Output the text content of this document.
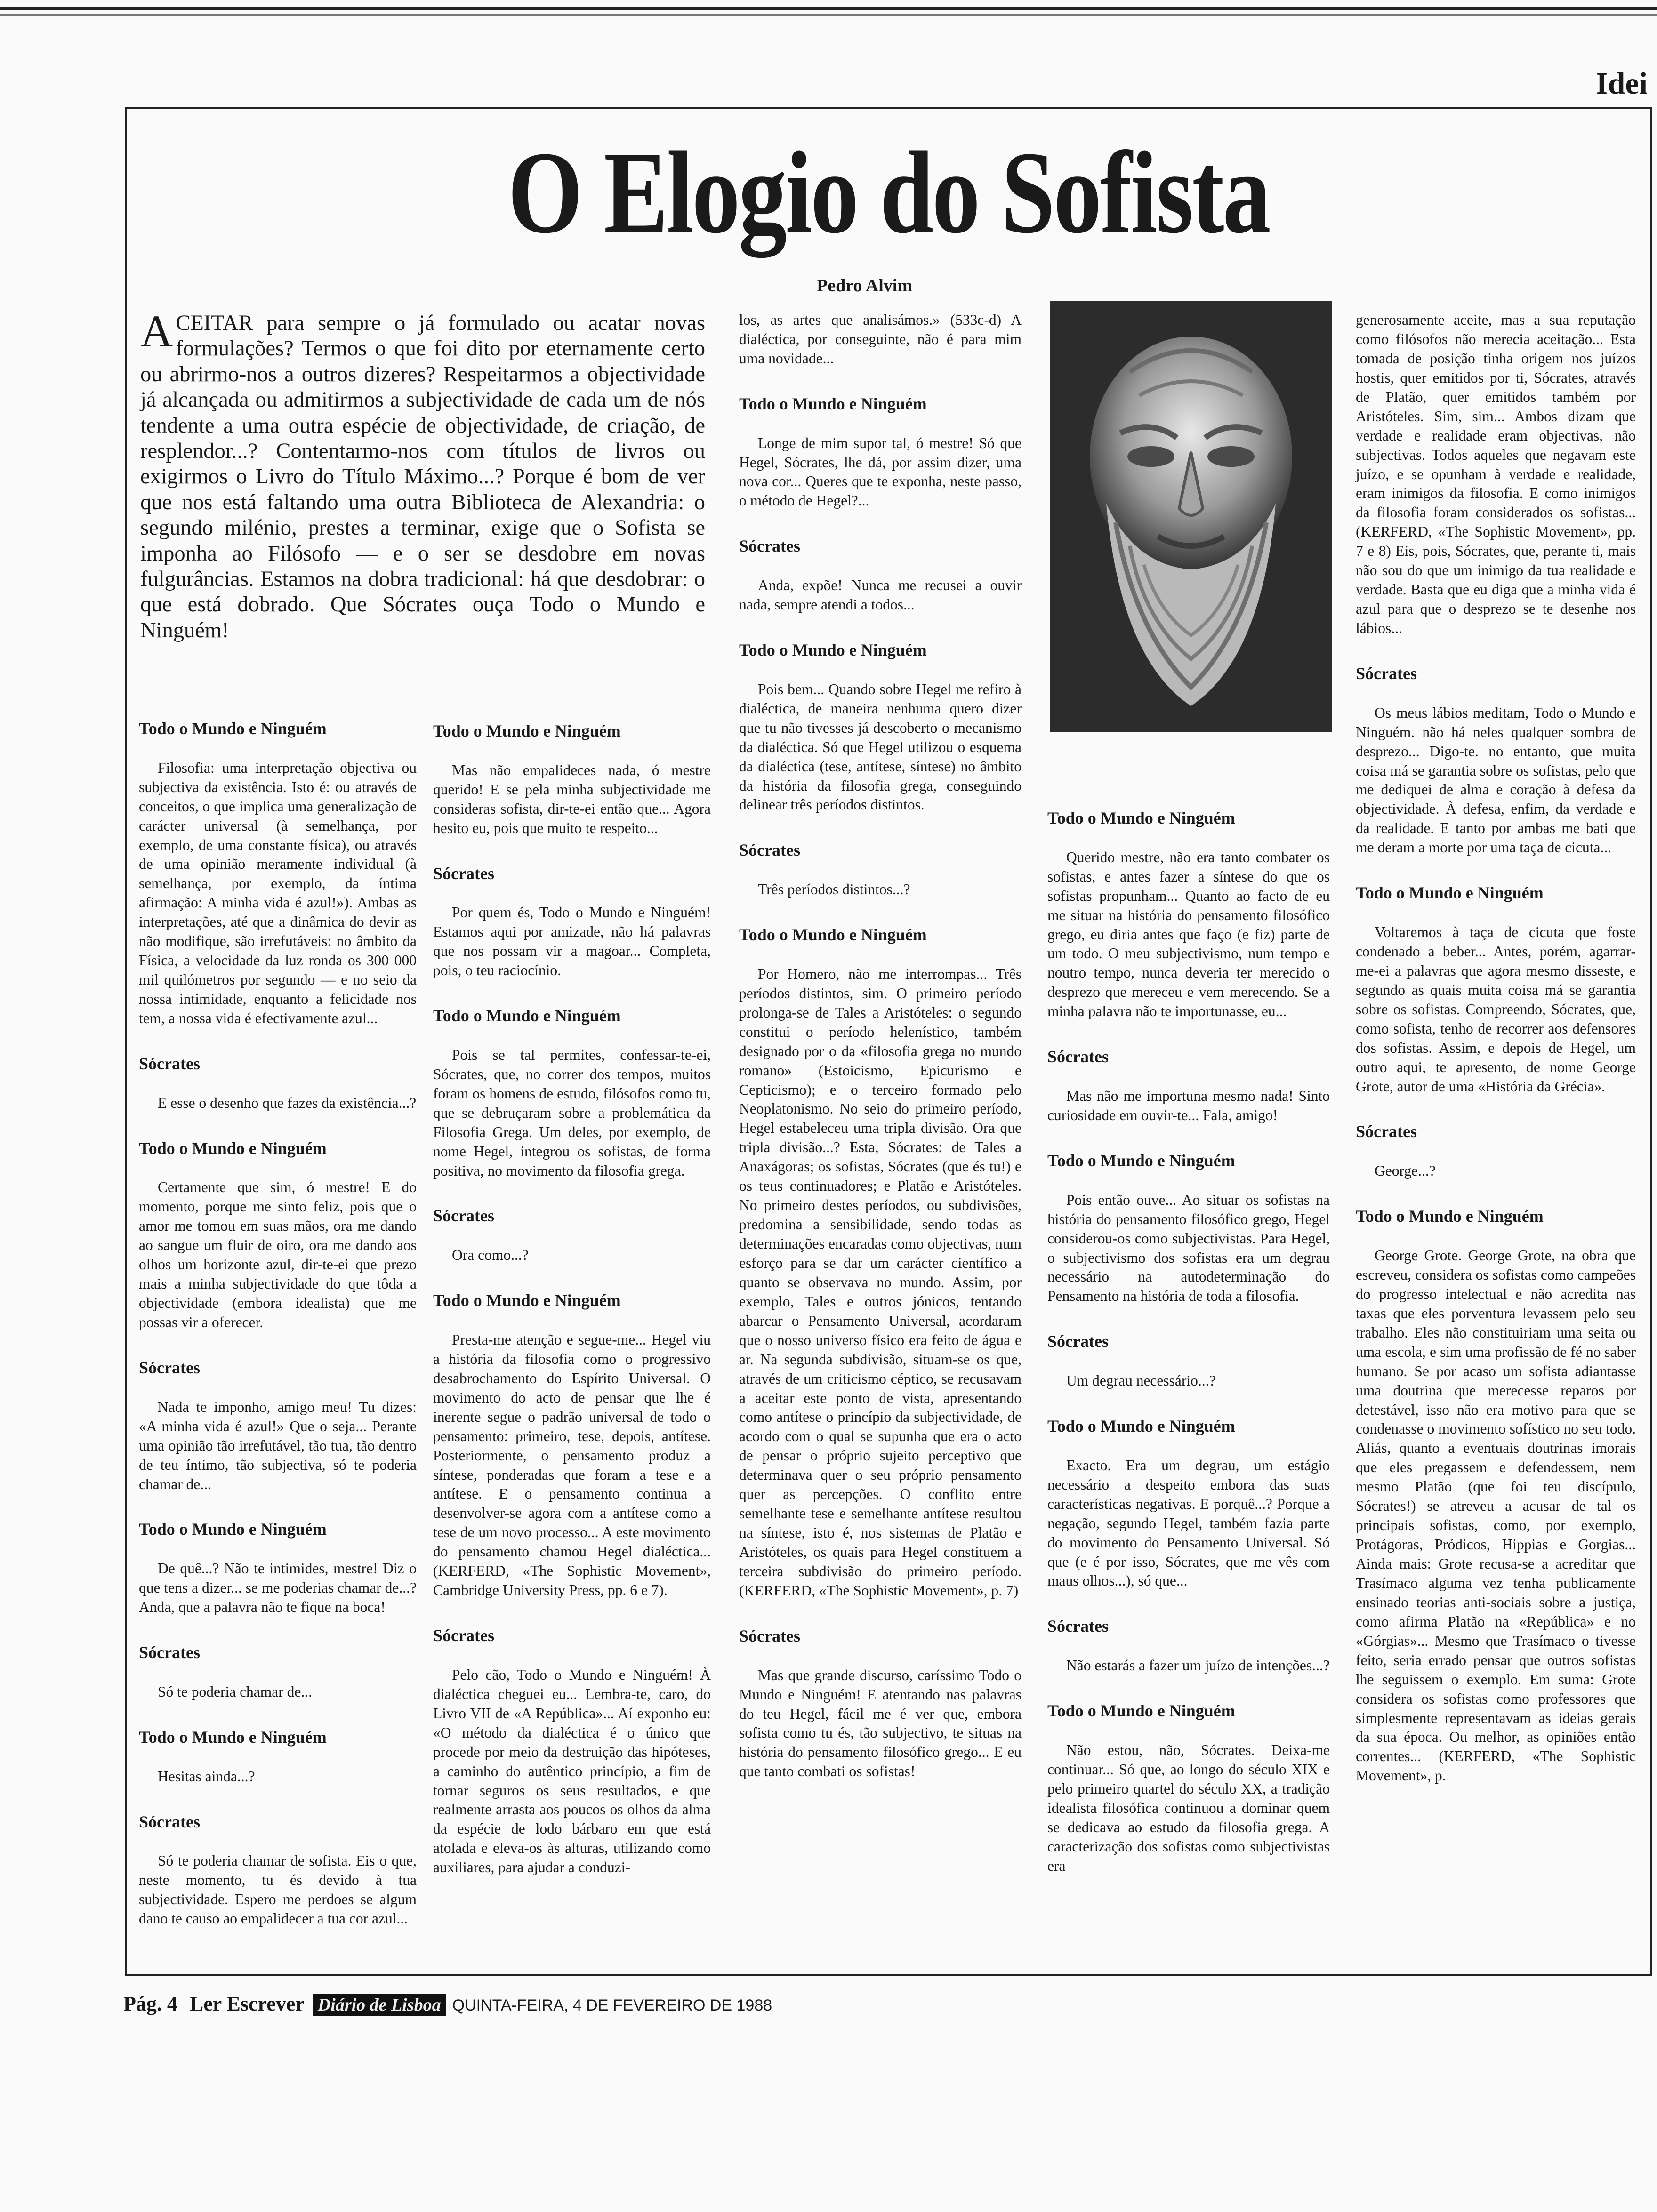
Idei
O Elogio do Sofista
Pedro Alvim
ACEITAR para sempre o já formulado ou acatar novas formulações? Termos o que foi dito por eternamente certo ou abrirmo-nos a outros dizeres? Respeitarmos a objectividade já alcançada ou admitirmos a subjectividade de cada um de nós tendente a uma outra espécie de objectividade, de criação, de resplendor...? Contentarmo-nos com títulos de livros ou exigirmos o Livro do Título Máximo...? Porque é bom de ver que nos está faltando uma outra Biblioteca de Alexandria: o segundo milénio, prestes a terminar, exige que o Sofista se imponha ao Filósofo — e o ser se desdobre em novas fulgurâncias. Estamos na dobra tradicional: há que desdobrar: o que está dobrado. Que Sócrates ouça Todo o Mundo e Ninguém!
Todo o Mundo e Ninguém

Filosofia: uma interpretação objectiva ou subjectiva da existência. Isto é: ou através de conceitos, o que implica uma generalização de carácter universal (à semelhança, por exemplo, de uma constante física), ou através de uma opinião meramente individual (à semelhança, por exemplo, da íntima afirmação: A minha vida é azul!»). Ambas as interpretações, até que a dinâmica do devir as não modifique, são irrefutáveis: no âmbito da Física, a velocidade da luz ronda os 300 000 mil quilómetros por segundo — e no seio da nossa intimidade, enquanto a felicidade nos tem, a nossa vida é efectivamente azul...

Sócrates

E esse o desenho que fazes da existência...?

Todo o Mundo e Ninguém

Certamente que sim, ó mestre! E do momento, porque me sinto feliz, pois que o amor me tomou em suas mãos, ora me dando ao sangue um fluir de oiro, ora me dando aos olhos um horizonte azul, dir-te-ei que prezo mais a minha subjectividade do que tôda a objectividade (embora idealista) que me possas vir a oferecer.

Sócrates

Nada te imponho, amigo meu! Tu dizes: «A minha vida é azul!» Que o seja... Perante uma opinião tão irrefutável, tão tua, tão dentro de teu íntimo, tão subjectiva, só te poderia chamar de...

Todo o Mundo e Ninguém

De quê...? Não te intimides, mestre! Diz o que tens a dizer... se me poderias chamar de...? Anda, que a palavra não te fique na boca!

Sócrates

Só te poderia chamar de...

Todo o Mundo e Ninguém

Hesitas ainda...?

Sócrates

Só te poderia chamar de sofista. Eis o que, neste momento, tu és devido à tua subjectividade. Espero me perdoes se algum dano te causo ao empalidecer a tua cor azul...

Todo o Mundo e Ninguém

Mas não empalideces nada, ó mestre querido! E se pela minha subjectividade me consideras sofista, dir-te-ei então que... Agora hesito eu, pois que muito te respeito...

Sócrates

Por quem és, Todo o Mundo e Ninguém! Estamos aqui por amizade, não há palavras que nos possam vir a magoar... Completa, pois, o teu raciocínio.

Todo o Mundo e Ninguém

Pois se tal permites, confessar-te-ei, Sócrates, que, no correr dos tempos, muitos foram os homens de estudo, filósofos como tu, que se debruçaram sobre a problemática da Filosofia Grega. Um deles, por exemplo, de nome Hegel, integrou os sofistas, de forma positiva, no movimento da filosofia grega.

Sócrates

Ora como...?

Todo o Mundo e Ninguém

Presta-me atenção e segue-me... Hegel viu a história da filosofia como o progressivo desabrochamento do Espírito Universal. O movimento do acto de pensar que lhe é inerente segue o padrão universal de todo o pensamento: primeiro, tese, depois, antítese. Posteriormente, o pensamento produz a síntese, ponderadas que foram a tese e a antítese. E o pensamento continua a desenvolver-se agora com a antítese como a tese de um novo processo... A este movimento do pensamento chamou Hegel dialéctica... (KERFERD, «The Sophistic Movement», Cambridge University Press, pp. 6 e 7).

Sócrates

Pelo cão, Todo o Mundo e Ninguém! À dialéctica cheguei eu... Lembra-te, caro, do Livro VII de «A República»... Aí exponho eu: «O método da dialéctica é o único que procede por meio da destruição das hipóteses, a caminho do autêntico princípio, a fim de tornar seguros os seus resultados, e que realmente arrasta aos poucos os olhos da alma da espécie de lodo bárbaro em que está atolada e eleva-os às alturas, utilizando como auxiliares, para ajudar a conduzi-

los, as artes que analisámos.» (533c-d) A dialéctica, por conseguinte, não é para mim uma novidade...

Todo o Mundo e Ninguém

Longe de mim supor tal, ó mestre! Só que Hegel, Sócrates, lhe dá, por assim dizer, uma nova cor... Queres que te exponha, neste passo, o método de Hegel?...

Sócrates

Anda, expõe! Nunca me recusei a ouvir nada, sempre atendi a todos...

Todo o Mundo e Ninguém

Pois bem... Quando sobre Hegel me refiro à dialéctica, de maneira nenhuma quero dizer que tu não tivesses já descoberto o mecanismo da dialéctica. Só que Hegel utilizou o esquema da dialéctica (tese, antítese, síntese) no âmbito da história da filosofia grega, conseguindo delinear três períodos distintos.

Sócrates

Três períodos distintos...?

Todo o Mundo e Ninguém

Por Homero, não me interrompas... Três períodos distintos, sim. O primeiro período prolonga-se de Tales a Aristóteles: o segundo constitui o período helenístico, também designado por o da «filosofia grega no mundo romano» (Estoicismo, Epicurismo e Cepticismo); e o terceiro formado pelo Neoplatonismo. No seio do primeiro período, Hegel estabeleceu uma tripla divisão. Ora que tripla divisão...? Esta, Sócrates: de Tales a Anaxágoras; os sofistas, Sócrates (que és tu!) e os teus continuadores; e Platão e Aristóteles. No primeiro destes períodos, ou subdivisões, predomina a sensibilidade, sendo todas as determinações encaradas como objectivas, num esforço para se dar um carácter científico a quanto se observava no mundo. Assim, por exemplo, Tales e outros jónicos, tentando abarcar o Pensamento Universal, acordaram que o nosso universo físico era feito de água e ar. Na segunda subdivisão, situam-se os que, através de um criticismo céptico, se recusavam a aceitar este ponto de vista, apresentando como antítese o princípio da subjectividade, de acordo com o qual se supunha que era o acto de pensar o próprio sujeito perceptivo que determinava quer o seu próprio pensamento quer as percepções. O conflito entre semelhante tese e semelhante antítese resultou na síntese, isto é, nos sistemas de Platão e Aristóteles, os quais para Hegel constituem a terceira subdivisão do primeiro período. (KERFERD, «The Sophistic Movement», p. 7)

Sócrates

Mas que grande discurso, caríssimo Todo o Mundo e Ninguém! E atentando nas palavras do teu Hegel, fácil me é ver que, embora sofista como tu és, tão subjectivo, te situas na história do pensamento filosófico grego... E eu que tanto combati os sofistas!

Todo o Mundo e Ninguém

Querido mestre, não era tanto combater os sofistas, e antes fazer a síntese do que os sofistas propunham... Quanto ao facto de eu me situar na história do pensamento filosófico grego, eu diria antes que faço (e fiz) parte de um todo. O meu subjectivismo, num tempo e noutro tempo, nunca deveria ter merecido o desprezo que mereceu e vem merecendo. Se a minha palavra não te importunasse, eu...

Sócrates

Mas não me importuna mesmo nada! Sinto curiosidade em ouvir-te... Fala, amigo!

Todo o Mundo e Ninguém

Pois então ouve... Ao situar os sofistas na história do pensamento filosófico grego, Hegel considerou-os como subjectivistas. Para Hegel, o subjectivismo dos sofistas era um degrau necessário na autodeterminação do Pensamento na história de toda a filosofia.

Sócrates

Um degrau necessário...?

Todo o Mundo e Ninguém

Exacto. Era um degrau, um estágio necessário a despeito embora das suas características negativas. E porquê...? Porque a negação, segundo Hegel, também fazia parte do movimento do Pensamento Universal. Só que (e é por isso, Sócrates, que me vês com maus olhos...), só que...

Sócrates

Não estarás a fazer um juízo de intenções...?

Todo o Mundo e Ninguém

Não estou, não, Sócrates. Deixa-me continuar... Só que, ao longo do século XIX e pelo primeiro quartel do século XX, a tradição idealista filosófica continuou a dominar quem se dedicava ao estudo da filosofia grega. A caracterização dos sofistas como subjectivistas era

generosamente aceite, mas a sua reputação como filósofos não merecia aceitação... Esta tomada de posição tinha origem nos juízos hostis, quer emitidos por ti, Sócrates, através de Platão, quer emitidos também por Aristóteles. Sim, sim... Ambos dizam que verdade e realidade eram objectivas, não subjectivas. Todos aqueles que negavam este juízo, e se opunham à verdade e realidade, eram inimigos da filosofia. E como inimigos da filosofia foram considerados os sofistas... (KERFERD, «The Sophistic Movement», pp. 7 e 8) Eis, pois, Sócrates, que, perante ti, mais não sou do que um inimigo da tua realidade e verdade. Basta que eu diga que a minha vida é azul para que o desprezo se te desenhe nos lábios...

Sócrates

Os meus lábios meditam, Todo o Mundo e Ninguém. não há neles qualquer sombra de desprezo... Digo-te. no entanto, que muita coisa má se garantia sobre os sofistas, pelo que me dediquei de alma e coração à defesa da objectividade. À defesa, enfim, da verdade e da realidade. E tanto por ambas me bati que me deram a morte por uma taça de cicuta...

Todo o Mundo e Ninguém

Voltaremos à taça de cicuta que foste condenado a beber... Antes, porém, agarrar-me-ei a palavras que agora mesmo disseste, e segundo as quais muita coisa má se garantia sobre os sofistas. Compreendo, Sócrates, que, como sofista, tenho de recorrer aos defensores dos sofistas. Assim, e depois de Hegel, um outro aqui, te apresento, de nome George Grote, autor de uma «História da Grécia».

Sócrates

George...?

Todo o Mundo e Ninguém

George Grote. George Grote, na obra que escreveu, considera os sofistas como campeões do progresso intelectual e não acredita nas taxas que eles porventura levassem pelo seu trabalho. Eles não constituiriam uma seita ou uma escola, e sim uma profissão de fé no saber humano. Se por acaso um sofista adiantasse uma doutrina que merecesse reparos por detestável, isso não era motivo para que se condenasse o movimento sofístico no seu todo. Aliás, quanto a eventuais doutrinas imorais que eles pregassem e defendessem, nem mesmo Platão (que foi teu discípulo, Sócrates!) se atreveu a acusar de tal os principais sofistas, como, por exemplo, Protágoras, Pródicos, Hippias e Gorgias... Ainda mais: Grote recusa-se a acreditar que Trasímaco alguma vez tenha publicamente ensinado teorias anti-sociais sobre a justiça, como afirma Platão na «República» e no «Górgias»... Mesmo que Trasímaco o tivesse feito, seria errado pensar que outros sofistas lhe seguissem o exemplo. Em suma: Grote considera os sofistas como professores que simplesmente representavam as ideias gerais da sua época. Ou melhor, as opiniões então correntes... (KERFERD, «The Sophistic Movement», p.

Pág. 4 Ler Escrever Diário de Lisboa QUINTA-FEIRA, 4 DE FEVEREIRO DE 1988
